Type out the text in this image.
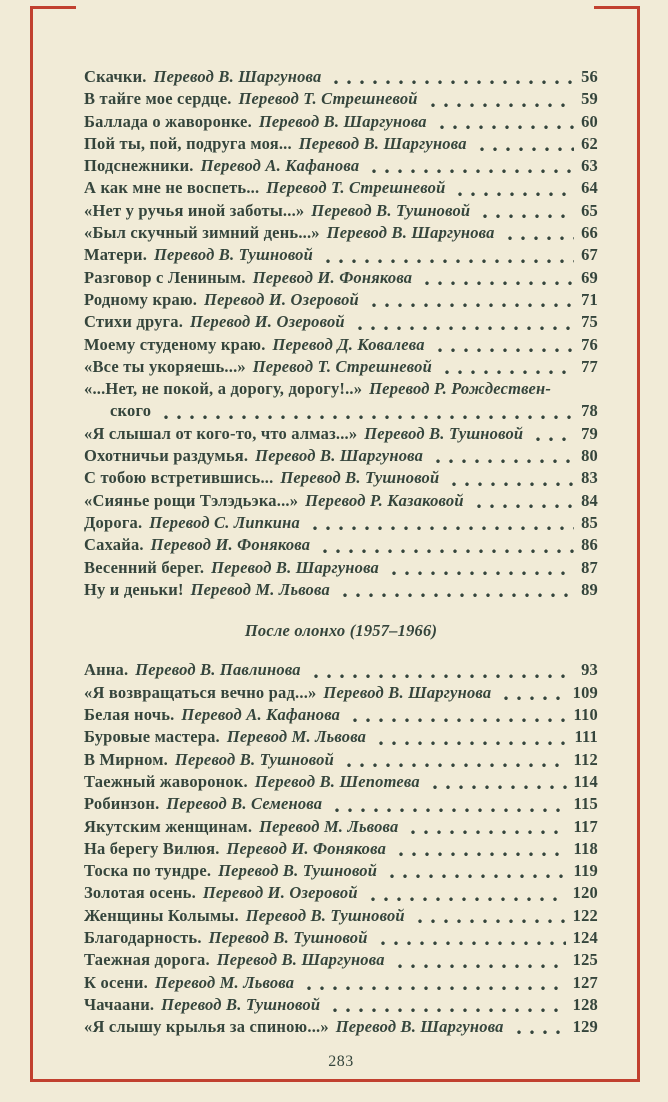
Скачки. Перевод В. Шаргунова	56
В тайге мое сердце. Перевод Т. Стрешневой	59
Баллада о жаворонке. Перевод В. Шаргунова	60
Пой ты, пой, подруга моя... Перевод В. Шаргунова	62
Подснежники. Перевод А. Кафанова	63
А как мне не воспеть... Перевод Т. Стрешневой	64
«Нет у ручья иной заботы...» Перевод В. Тушновой	65
«Был скучный зимний день...» Перевод В. Шаргунова	66
Матери. Перевод В. Тушновой	67
Разговор с Лениным. Перевод И. Фонякова	69
Родному краю. Перевод И. Озеровой	71
Стихи друга. Перевод И. Озеровой	75
Моему студеному краю. Перевод Д. Ковалева	76
«Все ты укоряешь...» Перевод Т. Стрешневой	77
«...Нет, не покой, а дорогу, дорогу!..» Перевод Р. Рождествен-
ского	78
«Я слышал от кого-то, что алмаз...» Перевод В. Тушновой	79
Охотничьи раздумья. Перевод В. Шаргунова	80
С тобою встретившись... Перевод В. Тушновой	83
«Сиянье рощи Тэлэдьэка...» Перевод Р. Казаковой	84
Дорога. Перевод С. Липкина	85
Сахайа. Перевод И. Фонякова	86
Весенний берег. Перевод В. Шаргунова	87
Ну и деньки! Перевод М. Львова	89
После олонхо (1957–1966)
Анна. Перевод В. Павлинова	93
«Я возвращаться вечно рад...» Перевод В. Шаргунова	109
Белая ночь. Перевод А. Кафанова	110
Буровые мастера. Перевод М. Львова	111
В Мирном. Перевод В. Тушновой	112
Таежный жаворонок. Перевод В. Шепотева	114
Робинзон. Перевод В. Семенова	115
Якутским женщинам. Перевод М. Львова	117
На берегу Вилюя. Перевод И. Фонякова	118
Тоска по тундре. Перевод В. Тушновой	119
Золотая осень. Перевод И. Озеровой	120
Женщины Колымы. Перевод В. Тушновой	122
Благодарность. Перевод В. Тушновой	124
Таежная дорога. Перевод В. Шаргунова	125
К осени. Перевод М. Львова	127
Чачаани. Перевод В. Тушновой	128
«Я слышу крылья за спиною...» Перевод В. Шаргунова	129
283
